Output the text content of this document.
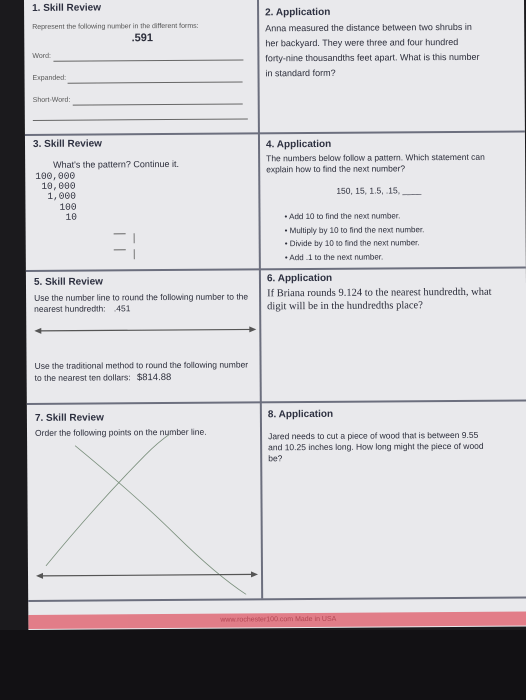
1. Skill Review
Represent the following number in the different forms:
.591
Word:
Expanded:
Short-Word:
2. Application
Anna measured the distance between two shrubs in her backyard. They were three and four hundred forty-nine thousandths feet apart. What is this number in standard form?
3. Skill Review
What's the pattern? Continue it.
100,000
10,000
1,000
100
10
4. Application
The numbers below follow a pattern. Which statement can explain how to find the next number?
150, 15, 1.5, .15, ____
• Add 10 to find the next number.
• Multiply by 10 to find the next number.
• Divide by 10 to find the next number.
• Add .1 to the next number.
5. Skill Review
Use the number line to round the following number to the nearest hundredth: .451
Use the traditional method to round the following number to the nearest ten dollars: $814.88
6. Application
If Briana rounds 9.124 to the nearest hundredth, what digit will be in the hundredths place?
7. Skill Review
Order the following points on the number line.
8. Application
Jared needs to cut a piece of wood that is between 9.55 and 10.25 inches long. How long might the piece of wood be?
www.rochester100.com Made in USA
